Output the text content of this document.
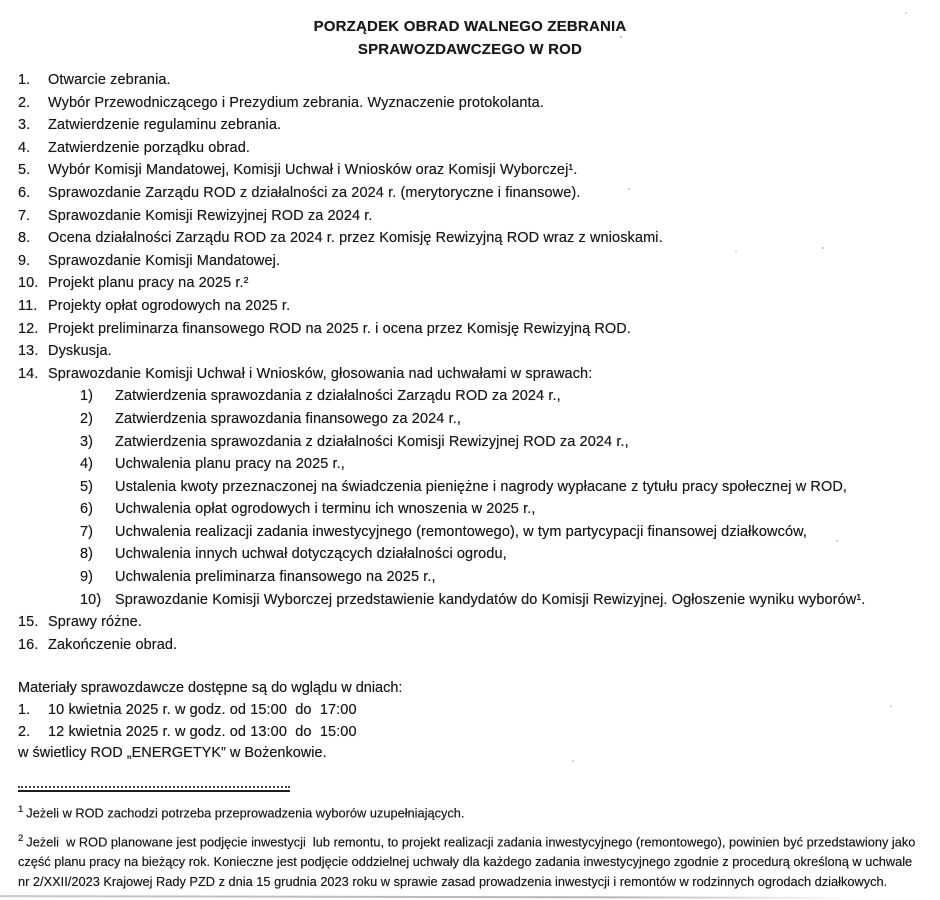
PORZĄDEK OBRAD WALNEGO ZEBRANIA
SPRAWOZDAWCZEGO W ROD
1.	Otwarcie zebrania.
2.	Wybór Przewodniczącego i Prezydium zebrania. Wyznaczenie protokolanta.
3.	Zatwierdzenie regulaminu zebrania.
4.	Zatwierdzenie porządku obrad.
5.	Wybór Komisji Mandatowej, Komisji Uchwał i Wniosków oraz Komisji Wyborczej¹.
6.	Sprawozdanie Zarządu ROD z działalności za 2024 r. (merytoryczne i finansowe).
7.	Sprawozdanie Komisji Rewizyjnej ROD za 2024 r.
8.	Ocena działalności Zarządu ROD za 2024 r. przez Komisję Rewizyjną ROD wraz z wnioskami.
9.	Sprawozdanie Komisji Mandatowej.
10. Projekt planu pracy na 2025 r.²
11. Projekty opłat ogrodowych na 2025 r.
12. Projekt preliminarza finansowego ROD na 2025 r. i ocena przez Komisję Rewizyjną ROD.
13. Dyskusja.
14. Sprawozdanie Komisji Uchwał i Wniosków, głosowania nad uchwałami w sprawach:
1)	Zatwierdzenia sprawozdania z działalności Zarządu ROD za 2024 r.,
2)	Zatwierdzenia sprawozdania finansowego za 2024 r.,
3)	Zatwierdzenia sprawozdania z działalności Komisji Rewizyjnej ROD za 2024 r.,
4)	Uchwalenia planu pracy na 2025 r.,
5)	Ustalenia kwoty przeznaczonej na świadczenia pieniężne i nagrody wypłacane z tytułu pracy społecznej w ROD,
6)	Uchwalenia opłat ogrodowych i terminu ich wnoszenia w 2025 r.,
7)	Uchwalenia realizacji zadania inwestycyjnego (remontowego), w tym partycypacji finansowej działkowców,
8)	Uchwalenia innych uchwał dotyczących działalności ogrodu,
9)	Uchwalenia preliminarza finansowego na 2025 r.,
10) Sprawozdanie Komisji Wyborczej przedstawienie kandydatów do Komisji Rewizyjnej. Ogłoszenie wyniku wyborów¹.
15. Sprawy różne.
16. Zakończenie obrad.
Materiały sprawozdawcze dostępne są do wglądu w dniach:
1.	10 kwietnia 2025 r. w godz. od 15:00  do  17:00
2.	12 kwietnia 2025 r. w godz. od 13:00  do  15:00
w świetlicy ROD „ENERGETYK” w Bożenkowie.
$^1$ Jeżeli w ROD zachodzi potrzeba przeprowadzenia wyborów uzupełniających.
$^2$ Jeżeli  w ROD planowane jest podjęcie inwestycji  lub remontu, to projekt realizacji zadania inwestycyjnego (remontowego), powinien być przedstawiony jako część planu pracy na bieżący rok. Konieczne jest podjęcie oddzielnej uchwały dla każdego zadania inwestycyjnego zgodnie z procedurą określoną w uchwale nr 2/XXII/2023 Krajowej Rady PZD z dnia 15 grudnia 2023 roku w sprawie zasad prowadzenia inwestycji i remontów w rodzinnych ogrodach działkowych.
